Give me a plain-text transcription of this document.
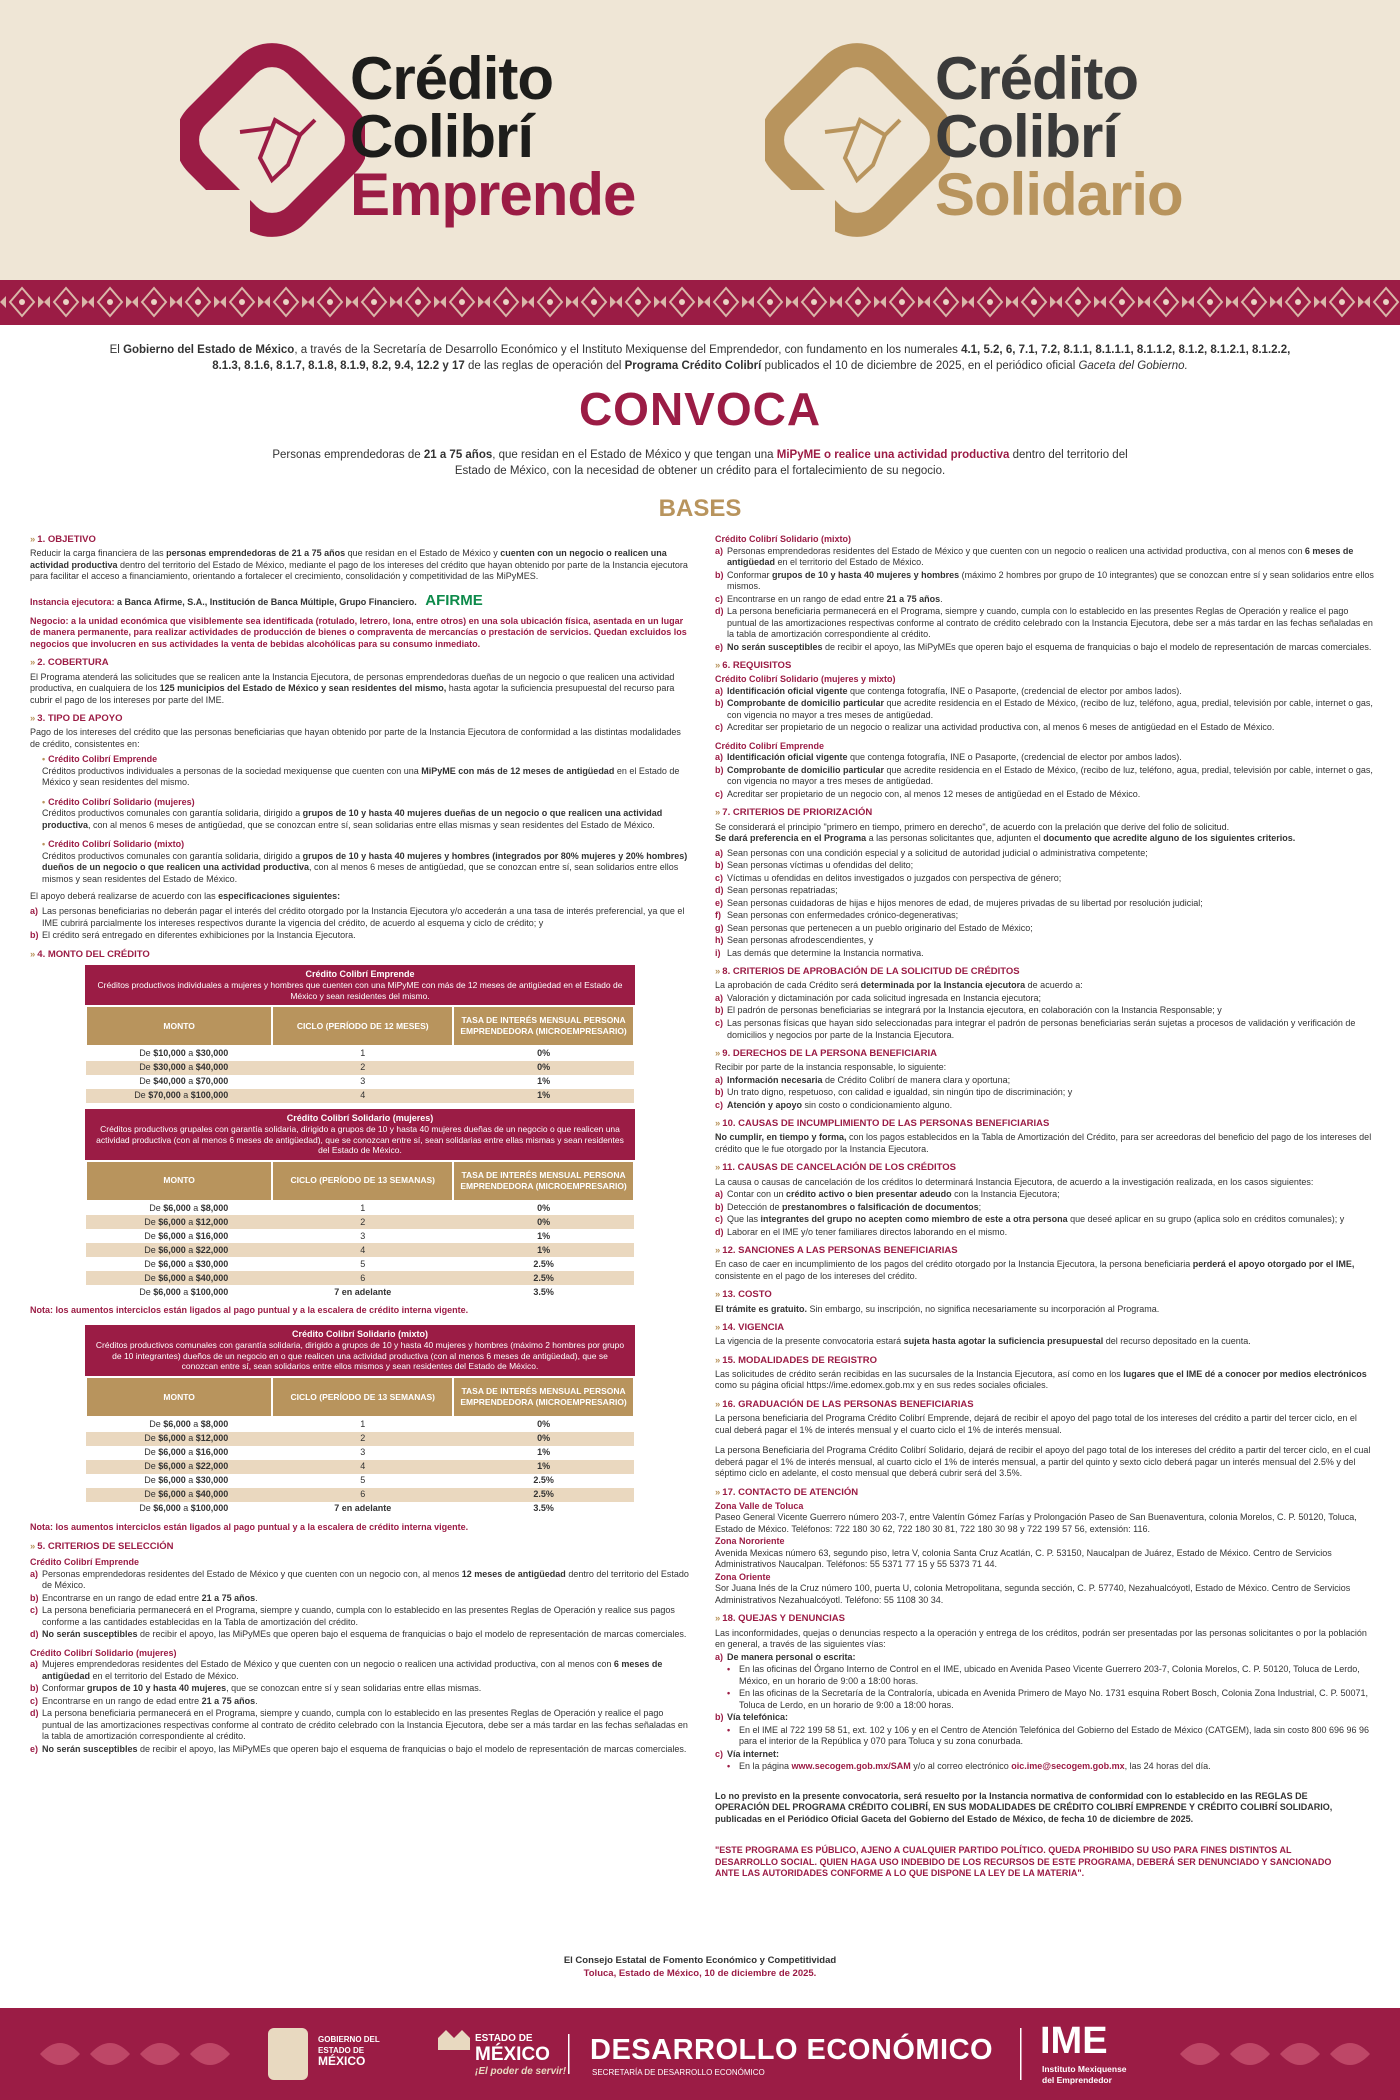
Crédito
Colibrí
Emprende
Crédito
Colibrí
Solidario
El Gobierno del Estado de México, a través de la Secretaría de Desarrollo Económico y el Instituto Mexiquense del Emprendedor, con fundamento en los numerales 4.1, 5.2, 6, 7.1, 7.2, 8.1.1, 8.1.1.1, 8.1.1.2, 8.1.2, 8.1.2.1, 8.1.2.2, 8.1.3, 8.1.6, 8.1.7, 8.1.8, 8.1.9, 8.2, 9.4, 12.2 y 17 de las reglas de operación del Programa Crédito Colibrí publicados el 10 de diciembre de 2025, en el periódico oficial Gaceta del Gobierno.
CONVOCA
Personas emprendedoras de 21 a 75 años, que residan en el Estado de México y que tengan una MiPyME o realice una actividad productiva dentro del territorio del Estado de México, con la necesidad de obtener un crédito para el fortalecimiento de su negocio.
BASES
» 1. OBJETIVO
Reducir la carga financiera de las personas emprendedoras de 21 a 75 años que residan en el Estado de México y cuenten con un negocio o realicen una actividad productiva dentro del territorio del Estado de México, mediante el pago de los intereses del crédito que hayan obtenido por parte de la Instancia ejecutora para facilitar el acceso a financiamiento, orientando a fortalecer el crecimiento, consolidación y competitividad de las MiPyMES.
Instancia ejecutora: a Banca Afirme, S.A., Institución de Banca Múltiple, Grupo Financiero. AFIRME
Negocio: a la unidad económica que visiblemente sea identificada (rotulado, letrero, lona, entre otros) en una sola ubicación física, asentada en un lugar de manera permanente, para realizar actividades de producción de bienes o compraventa de mercancías o prestación de servicios. Quedan excluidos los negocios que involucren en sus actividades la venta de bebidas alcohólicas para su consumo inmediato.
» 2. COBERTURA
El Programa atenderá las solicitudes que se realicen ante la Instancia Ejecutora, de personas emprendedoras dueñas de un negocio o que realicen una actividad productiva, en cualquiera de los 125 municipios del Estado de México y sean residentes del mismo, hasta agotar la suficiencia presupuestal del recurso para cubrir el pago de los intereses por parte del IME.
» 3. TIPO DE APOYO
Pago de los intereses del crédito que las personas beneficiarias que hayan obtenido por parte de la Instancia Ejecutora de conformidad a las distintas modalidades de crédito, consistentes en:
• Crédito Colibrí Emprende
Créditos productivos individuales a personas de la sociedad mexiquense que cuenten con una MiPyME con más de 12 meses de antigüedad en el Estado de México y sean residentes del mismo.
• Crédito Colibrí Solidario (mujeres)
Créditos productivos comunales con garantía solidaria, dirigido a grupos de 10 y hasta 40 mujeres dueñas de un negocio o que realicen una actividad productiva, con al menos 6 meses de antigüedad, que se conozcan entre sí, sean solidarias entre ellas mismas y sean residentes del Estado de México.
• Crédito Colibrí Solidario (mixto)
Créditos productivos comunales con garantía solidaria, dirigido a grupos de 10 y hasta 40 mujeres y hombres (integrados por 80% mujeres y 20% hombres) dueños de un negocio o que realicen una actividad productiva, con al menos 6 meses de antigüedad, que se conozcan entre sí, sean solidarios entre ellos mismos y sean residentes del Estado de México.
El apoyo deberá realizarse de acuerdo con las especificaciones siguientes:
a) Las personas beneficiarias no deberán pagar el interés del crédito otorgado por la Instancia Ejecutora y/o accederán a una tasa de interés preferencial, ya que el IME cubrirá parcialmente los intereses respectivos durante la vigencia del crédito, de acuerdo al esquema y ciclo de crédito; y
b) El crédito será entregado en diferentes exhibiciones por la Instancia Ejecutora.
» 4. MONTO DEL CRÉDITO
Crédito Colibrí Emprende
Créditos productivos individuales a mujeres y hombres que cuenten con una MiPyME con más de 12 meses de antigüedad en el Estado de México y sean residentes del mismo.
MONTO	CICLO (PERÍODO DE 12 MESES)	TASA DE INTERÉS MENSUAL PERSONA EMPRENDEDORA (MICROEMPRESARIO)
De $10,000 a $30,000	1	0%
De $30,000 a $40,000	2	0%
De $40,000 a $70,000	3	1%
De $70,000 a $100,000	4	1%
Crédito Colibrí Solidario (mujeres)
Créditos productivos grupales con garantía solidaria, dirigido a grupos de 10 y hasta 40 mujeres dueñas de un negocio o que realicen una actividad productiva (con al menos 6 meses de antigüedad), que se conozcan entre sí, sean solidarias entre ellas mismas y sean residentes del Estado de México.
MONTO	CICLO (PERÍODO DE 13 SEMANAS)	TASA DE INTERÉS MENSUAL PERSONA EMPRENDEDORA (MICROEMPRESARIO)
De $6,000 a $8,000	1	0%
De $6,000 a $12,000	2	0%
De $6,000 a $16,000	3	1%
De $6,000 a $22,000	4	1%
De $6,000 a $30,000	5	2.5%
De $6,000 a $40,000	6	2.5%
De $6,000 a $100,000	7 en adelante	3.5%
Nota: los aumentos interciclos están ligados al pago puntual y a la escalera de crédito interna vigente.
Crédito Colibrí Solidario (mixto)
Créditos productivos comunales con garantía solidaria, dirigido a grupos de 10 y hasta 40 mujeres y hombres (máximo 2 hombres por grupo de 10 integrantes) dueños de un negocio en o que realicen una actividad productiva (con al menos 6 meses de antigüedad), que se conozcan entre sí, sean solidarios entre ellos mismos y sean residentes del Estado de México.
MONTO	CICLO (PERÍODO DE 13 SEMANAS)	TASA DE INTERÉS MENSUAL PERSONA EMPRENDEDORA (MICROEMPRESARIO)
De $6,000 a $8,000	1	0%
De $6,000 a $12,000	2	0%
De $6,000 a $16,000	3	1%
De $6,000 a $22,000	4	1%
De $6,000 a $30,000	5	2.5%
De $6,000 a $40,000	6	2.5%
De $6,000 a $100,000	7 en adelante	3.5%
Nota: los aumentos interciclos están ligados al pago puntual y a la escalera de crédito interna vigente.
» 5. CRITERIOS DE SELECCIÓN
Crédito Colibrí Emprende
a) Personas emprendedoras residentes del Estado de México y que cuenten con un negocio con, al menos 12 meses de antigüedad dentro del territorio del Estado de México.
b) Encontrarse en un rango de edad entre 21 a 75 años.
c) La persona beneficiaria permanecerá en el Programa, siempre y cuando, cumpla con lo establecido en las presentes Reglas de Operación y realice sus pagos conforme a las cantidades establecidas en la Tabla de amortización del crédito.
d) No serán susceptibles de recibir el apoyo, las MiPyMEs que operen bajo el esquema de franquicias o bajo el modelo de representación de marcas comerciales.
Crédito Colibrí Solidario (mujeres)
a) Mujeres emprendedoras residentes del Estado de México y que cuenten con un negocio o realicen una actividad productiva, con al menos con 6 meses de antigüedad en el territorio del Estado de México.
b) Conformar grupos de 10 y hasta 40 mujeres, que se conozcan entre sí y sean solidarias entre ellas mismas.
c) Encontrarse en un rango de edad entre 21 a 75 años.
d) La persona beneficiaria permanecerá en el Programa, siempre y cuando, cumpla con lo establecido en las presentes Reglas de Operación y realice el pago puntual de las amortizaciones respectivas conforme al contrato de crédito celebrado con la Instancia Ejecutora, debe ser a más tardar en las fechas señaladas en la tabla de amortización correspondiente al crédito.
e) No serán susceptibles de recibir el apoyo, las MiPyMEs que operen bajo el esquema de franquicias o bajo el modelo de representación de marcas comerciales.
Crédito Colibrí Solidario (mixto)
a) Personas emprendedoras residentes del Estado de México y que cuenten con un negocio o realicen una actividad productiva, con al menos con 6 meses de antigüedad en el territorio del Estado de México.
b) Conformar grupos de 10 y hasta 40 mujeres y hombres (máximo 2 hombres por grupo de 10 integrantes) que se conozcan entre sí y sean solidarios entre ellos mismos.
c) Encontrarse en un rango de edad entre 21 a 75 años.
d) La persona beneficiaria permanecerá en el Programa, siempre y cuando, cumpla con lo establecido en las presentes Reglas de Operación y realice el pago puntual de las amortizaciones respectivas conforme al contrato de crédito celebrado con la Instancia Ejecutora, debe ser a más tardar en las fechas señaladas en la tabla de amortización correspondiente al crédito.
e) No serán susceptibles de recibir el apoyo, las MiPyMEs que operen bajo el esquema de franquicias o bajo el modelo de representación de marcas comerciales.
» 6. REQUISITOS
Crédito Colibrí Solidario (mujeres y mixto)
a) Identificación oficial vigente que contenga fotografía, INE o Pasaporte, (credencial de elector por ambos lados).
b) Comprobante de domicilio particular que acredite residencia en el Estado de México, (recibo de luz, teléfono, agua, predial, televisión por cable, internet o gas, con vigencia no mayor a tres meses de antigüedad.
c) Acreditar ser propietario de un negocio o realizar una actividad productiva con, al menos 6 meses de antigüedad en el Estado de México.
Crédito Colibrí Emprende
a) Identificación oficial vigente que contenga fotografía, INE o Pasaporte, (credencial de elector por ambos lados).
b) Comprobante de domicilio particular que acredite residencia en el Estado de México, (recibo de luz, teléfono, agua, predial, televisión por cable, internet o gas, con vigencia no mayor a tres meses de antigüedad.
c) Acreditar ser propietario de un negocio con, al menos 12 meses de antigüedad en el Estado de México.
» 7. CRITERIOS DE PRIORIZACIÓN
Se considerará el principio "primero en tiempo, primero en derecho", de acuerdo con la prelación que derive del folio de solicitud.
Se dará preferencia en el Programa a las personas solicitantes que, adjunten el documento que acredite alguno de los siguientes criterios.
a) Sean personas con una condición especial y a solicitud de autoridad judicial o administrativa competente;
b) Sean personas víctimas u ofendidas del delito;
c) Víctimas u ofendidas en delitos investigados o juzgados con perspectiva de género;
d) Sean personas repatriadas;
e) Sean personas cuidadoras de hijas e hijos menores de edad, de mujeres privadas de su libertad por resolución judicial;
f) Sean personas con enfermedades crónico-degenerativas;
g) Sean personas que pertenecen a un pueblo originario del Estado de México;
h) Sean personas afrodescendientes, y
i) Las demás que determine la Instancia normativa.
» 8. CRITERIOS DE APROBACIÓN DE LA SOLICITUD DE CRÉDITOS
La aprobación de cada Crédito será determinada por la Instancia ejecutora de acuerdo a:
a) Valoración y dictaminación por cada solicitud ingresada en Instancia ejecutora;
b) El padrón de personas beneficiarias se integrará por la Instancia ejecutora, en colaboración con la Instancia Responsable; y
c) Las personas físicas que hayan sido seleccionadas para integrar el padrón de personas beneficiarias serán sujetas a procesos de validación y verificación de domicilios y negocios por parte de la Instancia Ejecutora.
» 9. DERECHOS DE LA PERSONA BENEFICIARIA
Recibir por parte de la instancia responsable, lo siguiente:
a) Información necesaria de Crédito Colibrí de manera clara y oportuna;
b) Un trato digno, respetuoso, con calidad e igualdad, sin ningún tipo de discriminación; y
c) Atención y apoyo sin costo o condicionamiento alguno.
» 10. CAUSAS DE INCUMPLIMIENTO DE LAS PERSONAS BENEFICIARIAS
No cumplir, en tiempo y forma, con los pagos establecidos en la Tabla de Amortización del Crédito, para ser acreedoras del beneficio del pago de los intereses del crédito que le fue otorgado por la Instancia Ejecutora.
» 11. CAUSAS DE CANCELACIÓN DE LOS CRÉDITOS
La causa o causas de cancelación de los créditos lo determinará Instancia Ejecutora, de acuerdo a la investigación realizada, en los casos siguientes:
a) Contar con un crédito activo o bien presentar adeudo con la Instancia Ejecutora;
b) Detección de prestanombres o falsificación de documentos;
c) Que las integrantes del grupo no acepten como miembro de este a otra persona que deseé aplicar en su grupo (aplica solo en créditos comunales); y
d) Laborar en el IME y/o tener familiares directos laborando en el mismo.
» 12. SANCIONES A LAS PERSONAS BENEFICIARIAS
En caso de caer en incumplimiento de los pagos del crédito otorgado por la Instancia Ejecutora, la persona beneficiaria perderá el apoyo otorgado por el IME, consistente en el pago de los intereses del crédito.
» 13. COSTO
El trámite es gratuito. Sin embargo, su inscripción, no significa necesariamente su incorporación al Programa.
» 14. VIGENCIA
La vigencia de la presente convocatoria estará sujeta hasta agotar la suficiencia presupuestal del recurso depositado en la cuenta.
» 15. MODALIDADES DE REGISTRO
Las solicitudes de crédito serán recibidas en las sucursales de la Instancia Ejecutora, así como en los lugares que el IME dé a conocer por medios electrónicos como su página oficial https://ime.edomex.gob.mx y en sus redes sociales oficiales.
» 16. GRADUACIÓN DE LAS PERSONAS BENEFICIARIAS
La persona beneficiaria del Programa Crédito Colibrí Emprende, dejará de recibir el apoyo del pago total de los intereses del crédito a partir del tercer ciclo, en el cual deberá pagar el 1% de interés mensual y el cuarto ciclo el 1% de interés mensual.
La persona Beneficiaria del Programa Crédito Colibrí Solidario, dejará de recibir el apoyo del pago total de los intereses del crédito a partir del tercer ciclo, en el cual deberá pagar el 1% de interés mensual, al cuarto ciclo el 1% de interés mensual, a partir del quinto y sexto ciclo deberá pagar un interés mensual del 2.5% y del séptimo ciclo en adelante, el costo mensual que deberá cubrir será del 3.5%.
» 17. CONTACTO DE ATENCIÓN
Zona Valle de Toluca
Paseo General Vicente Guerrero número 203-7, entre Valentín Gómez Farías y Prolongación Paseo de San Buenaventura, colonia Morelos, C. P. 50120, Toluca, Estado de México. Teléfonos: 722 180 30 62, 722 180 30 81, 722 180 30 98 y 722 199 57 56, extensión: 116.
Zona Nororiente
Avenida Mexicas número 63, segundo piso, letra V, colonia Santa Cruz Acatlán, C. P. 53150, Naucalpan de Juárez, Estado de México. Centro de Servicios Administrativos Naucalpan. Teléfonos: 55 5371 77 15 y 55 5373 71 44.
Zona Oriente
Sor Juana Inés de la Cruz número 100, puerta U, colonia Metropolitana, segunda sección, C. P. 57740, Nezahualcóyotl, Estado de México. Centro de Servicios Administrativos Nezahualcóyotl. Teléfono: 55 1108 30 34.
» 18. QUEJAS Y DENUNCIAS
Las inconformidades, quejas o denuncias respecto a la operación y entrega de los créditos, podrán ser presentadas por las personas solicitantes o por la población en general, a través de las siguientes vías:
a) De manera personal o escrita:
• En las oficinas del Órgano Interno de Control en el IME, ubicado en Avenida Paseo Vicente Guerrero 203-7, Colonia Morelos, C. P. 50120, Toluca de Lerdo, México, en un horario de 9:00 a 18:00 horas.
• En las oficinas de la Secretaría de la Contraloría, ubicada en Avenida Primero de Mayo No. 1731 esquina Robert Bosch, Colonia Zona Industrial, C. P. 50071, Toluca de Lerdo, en un horario de 9:00 a 18:00 horas.
b) Vía telefónica:
• En el IME al 722 199 58 51, ext. 102 y 106 y en el Centro de Atención Telefónica del Gobierno del Estado de México (CATGEM), lada sin costo 800 696 96 96 para el interior de la República y 070 para Toluca y su zona conurbada.
c) Vía internet:
• En la página www.secogem.gob.mx/SAM y/o al correo electrónico oic.ime@secogem.gob.mx, las 24 horas del día.
Lo no previsto en la presente convocatoria, será resuelto por la Instancia normativa de conformidad con lo establecido en las REGLAS DE OPERACIÓN DEL PROGRAMA CRÉDITO COLIBRÍ, EN SUS MODALIDADES DE CRÉDITO COLIBRÍ EMPRENDE Y CRÉDITO COLIBRÍ SOLIDARIO, publicadas en el Periódico Oficial Gaceta del Gobierno del Estado de México, de fecha 10 de diciembre de 2025.
"ESTE PROGRAMA ES PÚBLICO, AJENO A CUALQUIER PARTIDO POLÍTICO. QUEDA PROHIBIDO SU USO PARA FINES DISTINTOS AL DESARROLLO SOCIAL. QUIEN HAGA USO INDEBIDO DE LOS RECURSOS DE ESTE PROGRAMA, DEBERÁ SER DENUNCIADO Y SANCIONADO ANTE LAS AUTORIDADES CONFORME A LO QUE DISPONE LA LEY DE LA MATERIA".
El Consejo Estatal de Fomento Económico y Competitividad
Toluca, Estado de México, 10 de diciembre de 2025.
GOBIERNO DEL
ESTADO DE
MÉXICO
ESTADO DE
MÉXICO
¡El poder de servir!
DESARROLLO ECONÓMICO
SECRETARÍA DE DESARROLLO ECONÓMICO
IME
Instituto Mexiquense
del Emprendedor
